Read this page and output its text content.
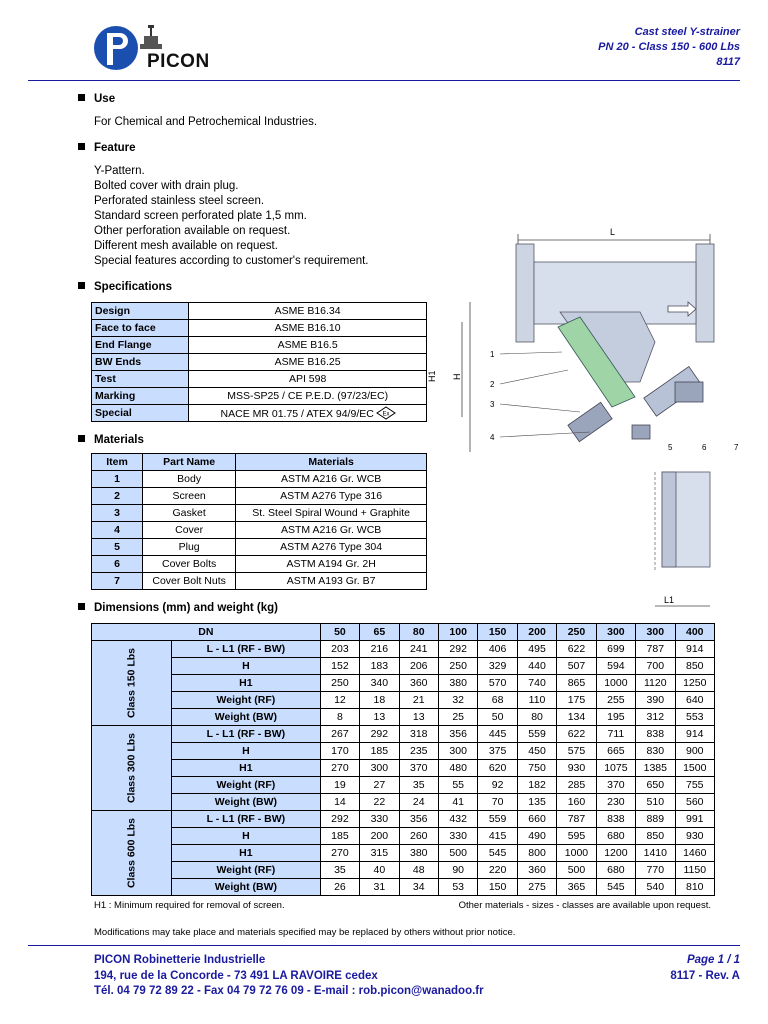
PICON
Cast steel Y-strainer
PN 20 - Class 150 - 600 Lbs
8117
Use
For Chemical and Petrochemical Industries.
Feature
Y-Pattern.
Bolted cover with drain plug.
Perforated stainless steel screen.
Standard screen perforated plate 1,5 mm.
Other perforation available on request.
Different mesh available on request.
Special features according to customer's requirement.
Specifications
Design	ASME B16.34
Face to face	ASME B16.10
End Flange	ASME B16.5
BW Ends	ASME B16.25
Test	API 598
Marking	MSS-SP25 / CE P.E.D. (97/23/EC)
Special	NACE MR 01.75 / ATEX 94/9/EC Ex
Materials
Item	Part Name	Materials
1	Body	ASTM A216 Gr. WCB
2	Screen	ASTM A276 Type 316
3	Gasket	St. Steel Spiral Wound + Graphite
4	Cover	ASTM A216 Gr. WCB
5	Plug	ASTM A276 Type 304
6	Cover Bolts	ASTM A194 Gr. 2H
7	Cover Bolt Nuts	ASTM A193 Gr. B7
L
H1 H
1
2
3
4
5	6	7
L1
Dimensions (mm) and weight (kg)
DN		50	65	80	100	150	200	250	300	300	400

Class 150 Lbs	L - L1 (RF - BW)	203	216	241	292	406	495	622	699	787	914
	H	152	183	206	250	329	440	507	594	700	850
	H1	250	340	360	380	570	740	865	1000	1120	1250
	Weight (RF)	12	18	21	32	68	110	175	255	390	640
	Weight (BW)	8	13	13	25	50	80	134	195	312	553

Class 300 Lbs	L - L1 (RF - BW)	267	292	318	356	445	559	622	711	838	914
	H	170	185	235	300	375	450	575	665	830	900
	H1	270	300	370	480	620	750	930	1075	1385	1500
	Weight (RF)	19	27	35	55	92	182	285	370	650	755
	Weight (BW)	14	22	24	41	70	135	160	230	510	560

Class 600 Lbs	L - L1 (RF - BW)	292	330	356	432	559	660	787	838	889	991
	H	185	200	260	330	415	490	595	680	850	930
	H1	270	315	380	500	545	800	1000	1200	1410	1460
	Weight (RF)	35	40	48	90	220	360	500	680	770	1150
	Weight (BW)	26	31	34	53	150	275	365	545	540	810
H1 : Minimum required for removal of screen.	Other materials - sizes - classes are available upon request.
Modifications may take place and materials specified may be replaced by others without prior notice.
PICON Robinetterie Industrielle
194, rue de la Concorde - 73 491 LA RAVOIRE cedex
Tél. 04 79 72 89 22 - Fax 04 79 72 76 09 - E-mail : rob.picon@wanadoo.fr
Page 1 / 1
8117 - Rev. A
